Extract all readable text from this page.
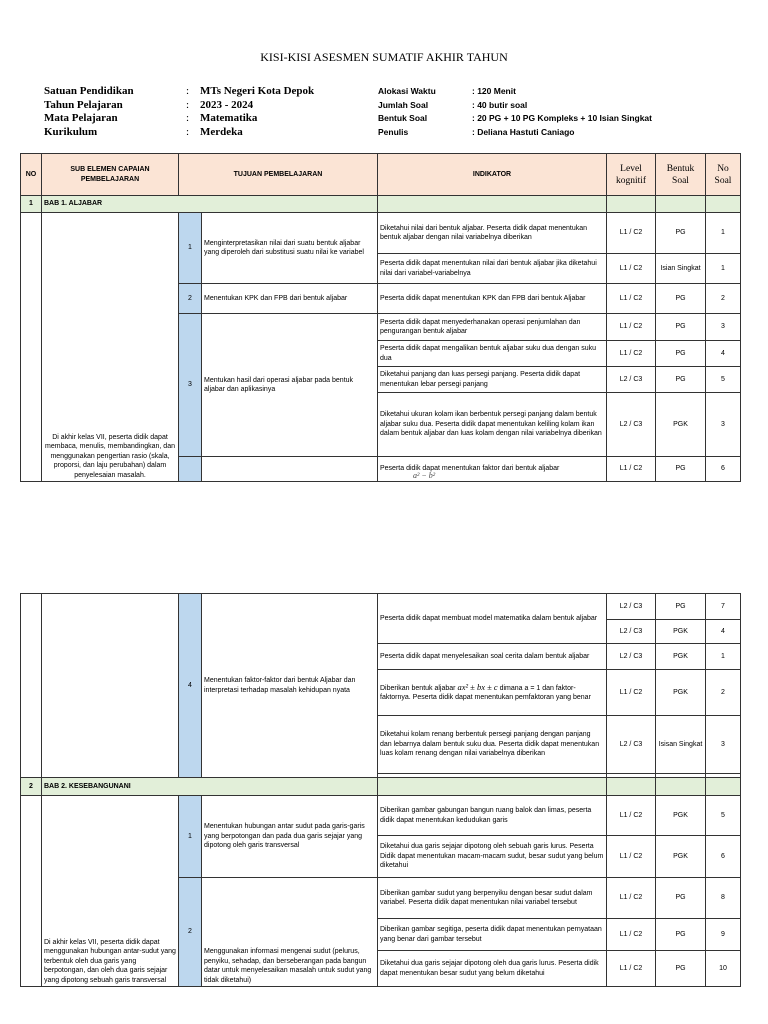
KISI-KISI ASESMEN SUMATIF AKHIR TAHUN
Satuan Pendidikan	: MTs Negeri Kota Depok
Tahun Pelajaran	: 2023 - 2024
Mata Pelajaran	: Matematika
Kurikulum	: Merdeka
Alokasi Waktu	: 120 Menit
Jumlah Soal	: 40 butir soal
Bentuk Soal	: 20 PG + 10 PG Kompleks + 10 Isian Singkat
Penulis	: Deliana Hastuti Caniago
NO	SUB ELEMEN CAPAIAN PEMBELAJARAN	TUJUAN PEMBELAJARAN		INDIKATOR	Level kognitif	Bentuk Soal	No Soal
1	BAB 1. ALJABAR						
	Di akhir kelas VII, peserta didik dapat membaca, menulis, membandingkan, dan menggunakan pengertian rasio (skala, proporsi, dan laju perubahan) dalam penyelesaian masalah.	1	Menginterpretasikan nilai dari suatu bentuk aljabar yang diperoleh dari substitusi suatu nilai ke variabel	Diketahui nilai dari bentuk aljabar. Peserta didik dapat menentukan bentuk aljabar dengan nilai variabelnya diberikan	L1 / C2	PG	1
				Peserta didik dapat menentukan nilai dari bentuk aljabar jika diketahui nilai dari variabel-variabelnya	L1 / C2	Isian Singkat	1
		2	Menentukan KPK dan FPB dari bentuk aljabar	Peserta didik dapat menentukan KPK dan FPB dari bentuk Aljabar	L1 / C2	PG	2
		3	Mentukan hasil dari operasi aljabar pada bentuk aljabar dan aplikasinya	Peserta didik dapat menyederhanakan operasi penjumlahan dan pengurangan bentuk aljabar	L1 / C2	PG	3
				Peserta didik dapat mengalikan bentuk aljabar suku dua dengan suku dua	L1 / C2	PG	4
				Diketahui panjang dan luas persegi panjang. Peserta didik dapat menentukan lebar persegi panjang	L2 / C3	PG	5
				Diketahui ukuran kolam ikan berbentuk persegi panjang dalam bentuk aljabar suku dua. Peserta didik dapat menentukan keliling kolam ikan dalam bentuk aljabar dan luas kolam dengan nilai variabelnya diberikan	L2 / C3	PGK	3
				Peserta didik dapat menentukan faktor dari bentuk aljabar	L1 / C2	PG	6
a² − b²
		4	Menentukan faktor-faktor dari bentuk Aljabar dan interpretasi terhadap masalah kehidupan nyata	Peserta didik dapat membuat model matematika dalam bentuk aljabar	L2 / C3	PG	7
					L2 / C3	PGK	4
				Peserta didik dapat menyelesaikan soal cerita dalam bentuk aljabar	L2 / C3	PGK	1
				Diberikan bentuk aljabar ax² ± bx ± c dimana a = 1 dan faktor-faktornya. Peserta didik dapat menentukan pemfaktoran yang benar	L1 / C2	PGK	2
				Diketahui kolam renang berbentuk persegi panjang dengan panjang dan lebarnya dalam bentuk suku dua. Peserta didik dapat menentukan luas kolam renang dengan nilai variabelnya diberikan	L2 / C3	Isisan Singkat	3

2	BAB 2. KESEBANGUNANI						
	Di akhir kelas VII, peserta didik dapat menggunakan hubungan antar-sudut yang terbentuk oleh dua garis yang berpotongan, dan oleh dua garis sejajar yang dipotong sebuah garis transversal	1	Menentukan hubungan antar sudut pada garis-garis yang berpotongan dan pada dua garis sejajar yang dipotong oleh garis transversal	Diberikan gambar gabungan bangun ruang balok dan limas, peserta didik dapat menentukan kedudukan garis	L1 / C2	PGK	5
				Diketahui dua garis sejajar dipotong oleh sebuah garis lurus. Peserta Didik dapat menentukan macam-macam sudut, besar sudut yang belum diketahui	L1 / C2	PGK	6
		2	Menggunakan informasi mengenai sudut (pelurus, penyiku, sehadap, dan berseberangan pada bangun datar untuk menyelesaikan masalah untuk sudut yang tidak diketahui)	Diberikan gambar sudut yang berpenyiku dengan besar sudut dalam variabel. Peserta didik dapat menentukan nilai variabel tersebut	L1 / C2	PG	8
				Diberikan gambar segitiga, peserta didik dapat menentukan pernyataan yang benar dari gambar tersebut	L1 / C2	PG	9
				Diketahui dua garis sejajar dipotong oleh dua garis lurus. Peserta didik dapat menentukan besar sudut yang belum diketahui	L1 / C2	PG	10
